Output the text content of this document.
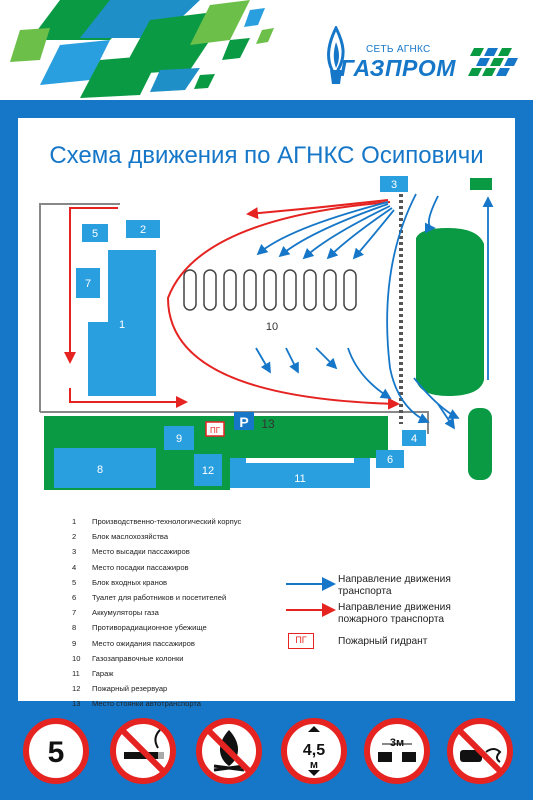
СЕТЬ АГНКС
ГАЗПРОМ
Схема движения по АГНКС Осиповичи
1
2
3
4
5
6
7
8
9
12
11
P
ПГ
10
13
1	Производственно-технологический корпус
2	Блок маслохозяйства
3	Место высадки пассажиров
4	Место посадки пассажиров
5	Блок входных кранов
6	Туалет для работников и посетителей
7	Аккумуляторы газа
8	Противорадиационное убежище
9	Место ожидания пассажиров
10	Газозаправочные колонки
11	Гараж
12	Пожарный резервуар
13	Место стоянки автотранспорта
Направление движения
транспорта
Направление движения
пожарного транспорта
ПГ	Пожарный гидрант
5	4,5
м
3м
